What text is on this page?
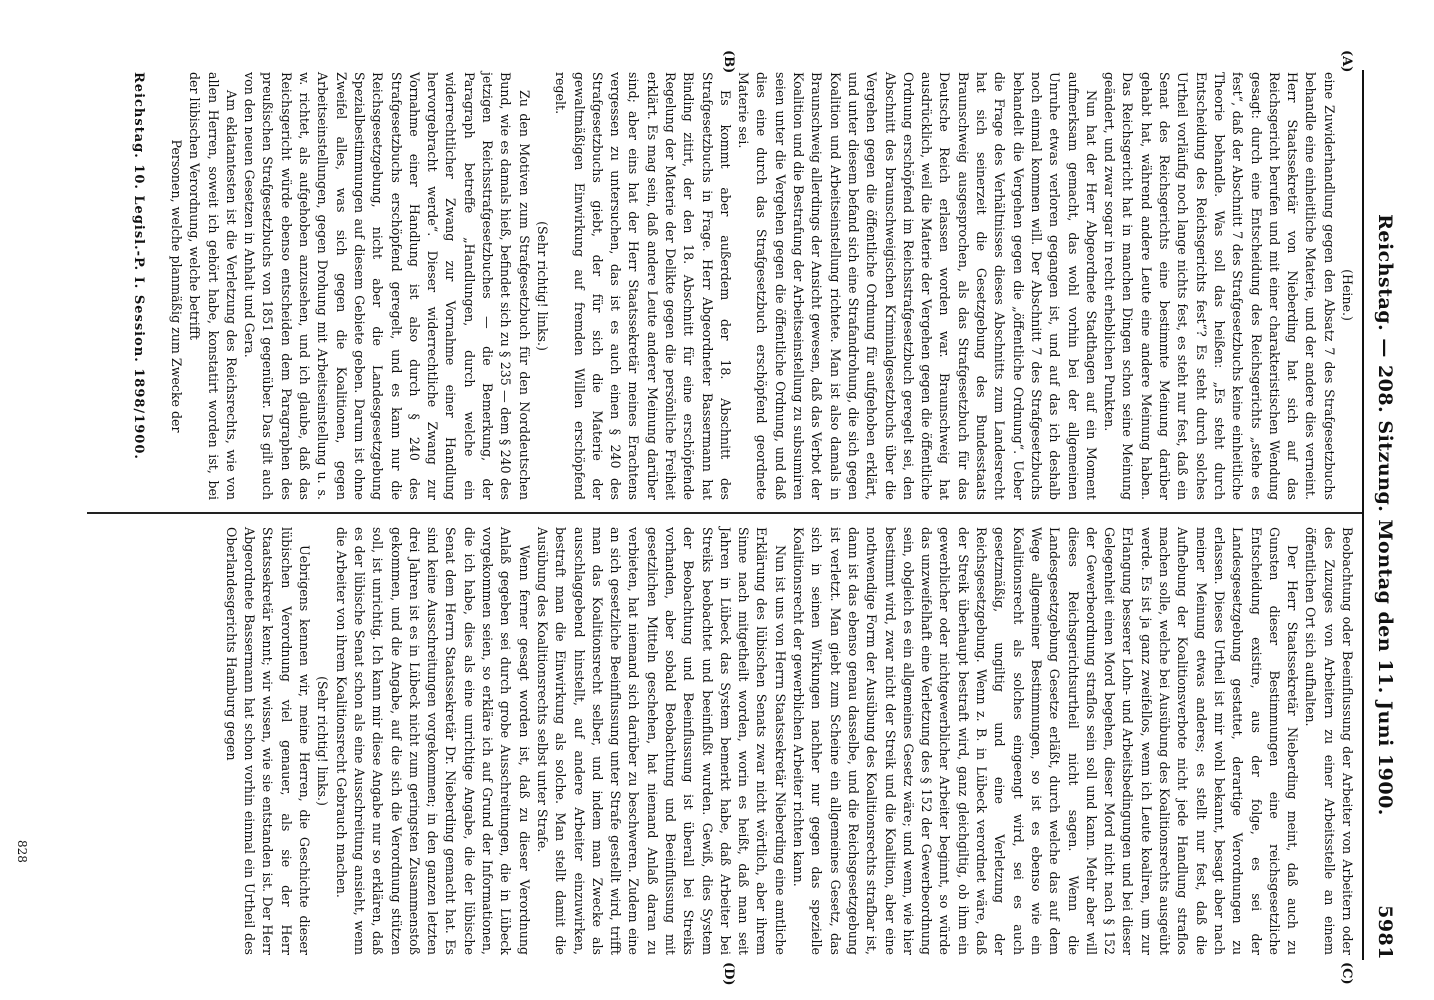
Reichstag. — 208. Sitzung. Montag den 11. Juni 1900.
5981
(A)
(B)
(C)
(D)

(Heine.)

eine Zuwiderhandlung gegen den Absatz 7 des Strafgesetzbuchs behandle eine einheitliche Materie, und der andere dies verneint. Herr Staatssekretär von Nieberding hat sich auf das Reichsgericht berufen und mit einer charakteristischen Wendung gesagt: durch eine Entscheidung des Reichsgerichts „stehe es fest“, daß der Abschnitt 7 des Strafgesetzbuchs keine einheitliche Theorie behandle. Was soll das heißen: „Es steht durch Entscheidung des Reichsgerichts fest“? Es steht durch solches Urtheil vorläufig noch lange nichts fest, es steht nur fest, daß ein Senat des Reichsgerichts eine bestimmte Meinung darüber gehabt hat, während andere Leute eine andere Meinung haben. Das Reichsgericht hat in manchen Dingen schon seine Meinung geändert, und zwar sogar in recht erheblichen Punkten.

Nun hat der Herr Abgeordnete Stadthagen auf ein Moment aufmerksam gemacht, das wohl vorhin bei der allgemeinen Unruhe etwas verloren gegangen ist, und auf das ich deshalb noch einmal kommen will. Der Abschnitt 7 des Strafgesetzbuchs behandelt die Vergehen gegen die „öffentliche Ordnung“. Ueber die Frage des Verhältnisses dieses Abschnitts zum Landesrecht hat sich seinerzeit die Gesetzgebung des Bundesstaats Braunschweig ausgesprochen, als das Strafgesetzbuch für das Deutsche Reich erlassen worden war. Braunschweig hat ausdrücklich, weil die Materie der Vergehen gegen die öffentliche Ordnung erschöpfend im Reichsstrafgesetzbuch geregelt sei, den Abschnitt des braunschweigischen Kriminalgesetzbuchs über die Vergehen gegen die öffentliche Ordnung für aufgehoben erklärt, und unter diesem befand sich eine Strafandrohung, die sich gegen Koalition und Arbeitseinstellung richtete. Man ist also damals in Braunschweig allerdings der Ansicht gewesen, daß das Verbot der Koalition und die Bestrafung der Arbeitseinstellung zu subsumiren seien unter die Vergehen gegen die öffentliche Ordnung, und daß dies eine durch das Strafgesetzbuch erschöpfend geordnete Materie sei.

Es kommt aber außerdem der 18. Abschnitt des Strafgesetzbuchs in Frage. Herr Abgeordneter Bassermann hat Binding zitirt, der den 18. Abschnitt für eine erschöpfende Regelung der Materie der Delikte gegen die persönliche Freiheit erklärt. Es mag sein, daß andere Leute anderer Meinung darüber sind; aber eins hat der Herr Staatssekretär meines Erachtens vergessen zu untersuchen, das ist es auch einen § 240 des Strafgesetzbuchs giebt, der für sich die Materie der gewaltmäßigen Einwirkung auf fremden Willen erschöpfend regelt.

(Sehr richtig! links.)

Zu den Motiven zum Strafgesetzbuch für den Norddeutschen Bund, wie es damals hieß, befindet sich zu § 235 — dem § 240 des jetzigen Reichsstrafgesetzbuches — die Bemerkung, der Paragraph betreffe „Handlungen, durch welche ein widerrechtlicher Zwang zur Vornahme einer Handlung hervorgebracht werde“. Dieser widerrechtliche Zwang zur Vornahme einer Handlung ist also durch § 240 des Strafgesetzbuchs erschöpfend geregelt, und es kann nur die Reichsgesetzgebung, nicht aber die Landesgesetzgebung Spezialbestimmungen auf diesem Gebiete geben. Darum ist ohne Zweifel alles, was sich gegen die Koalitionen, gegen Arbeitseinstellungen, gegen Drohung mit Arbeitseinstellung u. s. w. richtet, als aufgehoben anzusehen, und ich glaube, daß das Reichsgericht würde ebenso entscheiden dem Paragraphen des preußischen Strafgesetzbuchs von 1851 gegenüber. Das gilt auch von den neuen Gesetzen in Anhalt und Gera.

Am eklatantesten ist die Verletzung des Reichsrechts, wie von allen Herren, soweit ich gehört habe, konstatirt worden ist, bei der lübischen Verordnung, welche betrifft

Personen, welche planmäßig zum Zwecke der

Reichstag. 10. Legisl.-P. I. Session. 1898/1900.

Beobachtung oder Beeinflussung der Arbeiter von Arbeitern oder des Zuzuges von Arbeitern zu einer Arbeitsstelle an einem öffentlichen Ort sich aufhalten.

Der Herr Staatssekretär Nieberding meint, daß auch zu Gunsten dieser Bestimmungen eine reichsgesetzliche Entscheidung existire, aus der folge, es sei der Landesgesetzgebung gestattet, derartige Verordnungen zu erlassen. Dieses Urtheil ist mir wohl bekannt, besagt aber nach meiner Meinung etwas anderes; es stellt nur fest, daß die Aufhebung der Koalitionsverbote nicht jede Handlung straflos machen solle, welche bei Ausübung des Koalitionsrechts ausgeübt werde. Es ist ja ganz zweifellos, wenn ich Leute koaliren, um zur Erlangung besserer Lohn- und Arbeitsbedingungen und bei dieser Gelegenheit einen Mord begehen, dieser Mord nicht nach § 152 der Gewerbeordnung straflos sein soll und kann. Mehr aber will dieses Reichsgerichtsurtheil nicht sagen. Wenn die Landesgesetzgebung Gesetze erläßt, durch welche das auf dem Wege allgemeiner Bestimmungen, so ist es ebenso wie ein Koalitionsrecht als solches eingeengt wird, sei es auch gesetzmäßig, ungiltig und eine Verletzung der Reichsgesetzgebung. Wenn z. B. in Lübeck verordnet wäre, daß der Streik überhaupt bestraft wird, ganz gleichgiltig, ob ihm ein gewerblicher oder nichtgewerblicher Arbeiter beginnt, so würde das unzweifelhaft eine Verletzung des § 152 der Gewerbeordnung sein, obgleich es ein allgemeines Gesetz wäre; und wenn, wie hier bestimmt wird, zwar nicht der Streik und die Koalition, aber eine nothwendige Form der Ausübung des Koalitionsrechts strafbar ist, dann ist das ebenso genau dasselbe, und die Reichsgesetzgebung ist verletzt. Man giebt zum Scheine ein allgemeines Gesetz, das sich in seinen Wirkungen nachher nur gegen das spezielle Koalitionsrecht der gewerblichen Arbeiter richten kann.

Nun ist uns von Herrn Staatssekretär Nieberding eine amtliche Erklärung des lübischen Senats zwar nicht wörtlich, aber ihrem Sinne nach mitgetheilt worden, worin es heißt, daß man seit Jahren in Lübeck das System bemerkt habe, daß Arbeiter bei Streiks beobachtet und beeinflußt wurden. Gewiß, dies System der Beobachtung und Beeinflussung ist überall bei Streiks vorhanden, aber sobald Beobachtung und Beeinflussung mit gesetzlichen Mitteln geschehen, hat niemand Anlaß daran zu verbieten, hat niemand sich darüber zu beschweren. Zudem eine an sich gesetzliche Beeinflussung unter Strafe gestellt wird, trifft man das Koalitionsrecht selber, und indem man Zwecke als ausschlaggebend hinstellt, auf andere Arbeiter einzuwirken, bestraft man die Einwirkung als solche. Man stellt damit die Ausübung des Koalitionsrechts selbst unter Strafe.

Wenn ferner gesagt worden ist, daß zu dieser Verordnung Anlaß gegeben sei durch grobe Ausschreitungen, die in Lübeck vorgekommen seien, so erkläre ich auf Grund der Informationen, die ich habe, dies als eine unrichtige Angabe, die der lübische Senat dem Herrn Staatssekretär Dr. Nieberding gemacht hat. Es sind keine Ausschreitungen vorgekommen; in den ganzen letzten drei Jahren ist es in Lübeck nicht zum geringsten Zusammenstoß gekommen, und die Angabe, auf die sich die Verordnung stützen soll, ist unrichtig. Ich kann mir diese Angabe nur so erklären, daß es der lübische Senat schon als eine Ausschreitung ansieht, wenn die Arbeiter von ihrem Koalitionsrecht Gebrauch machen.

(Sehr richtig! links.)

Uebrigens kennen wir, meine Herren, die Geschichte dieser lübischen Verordnung viel genauer, als sie der Herr Staatssekretär kennt; wir wissen, wie sie entstanden ist. Der Herr Abgeordnete Bassermann hat schon vorhin einmal ein Urtheil des Oberlandesgerichts Hamburg gegen

828
